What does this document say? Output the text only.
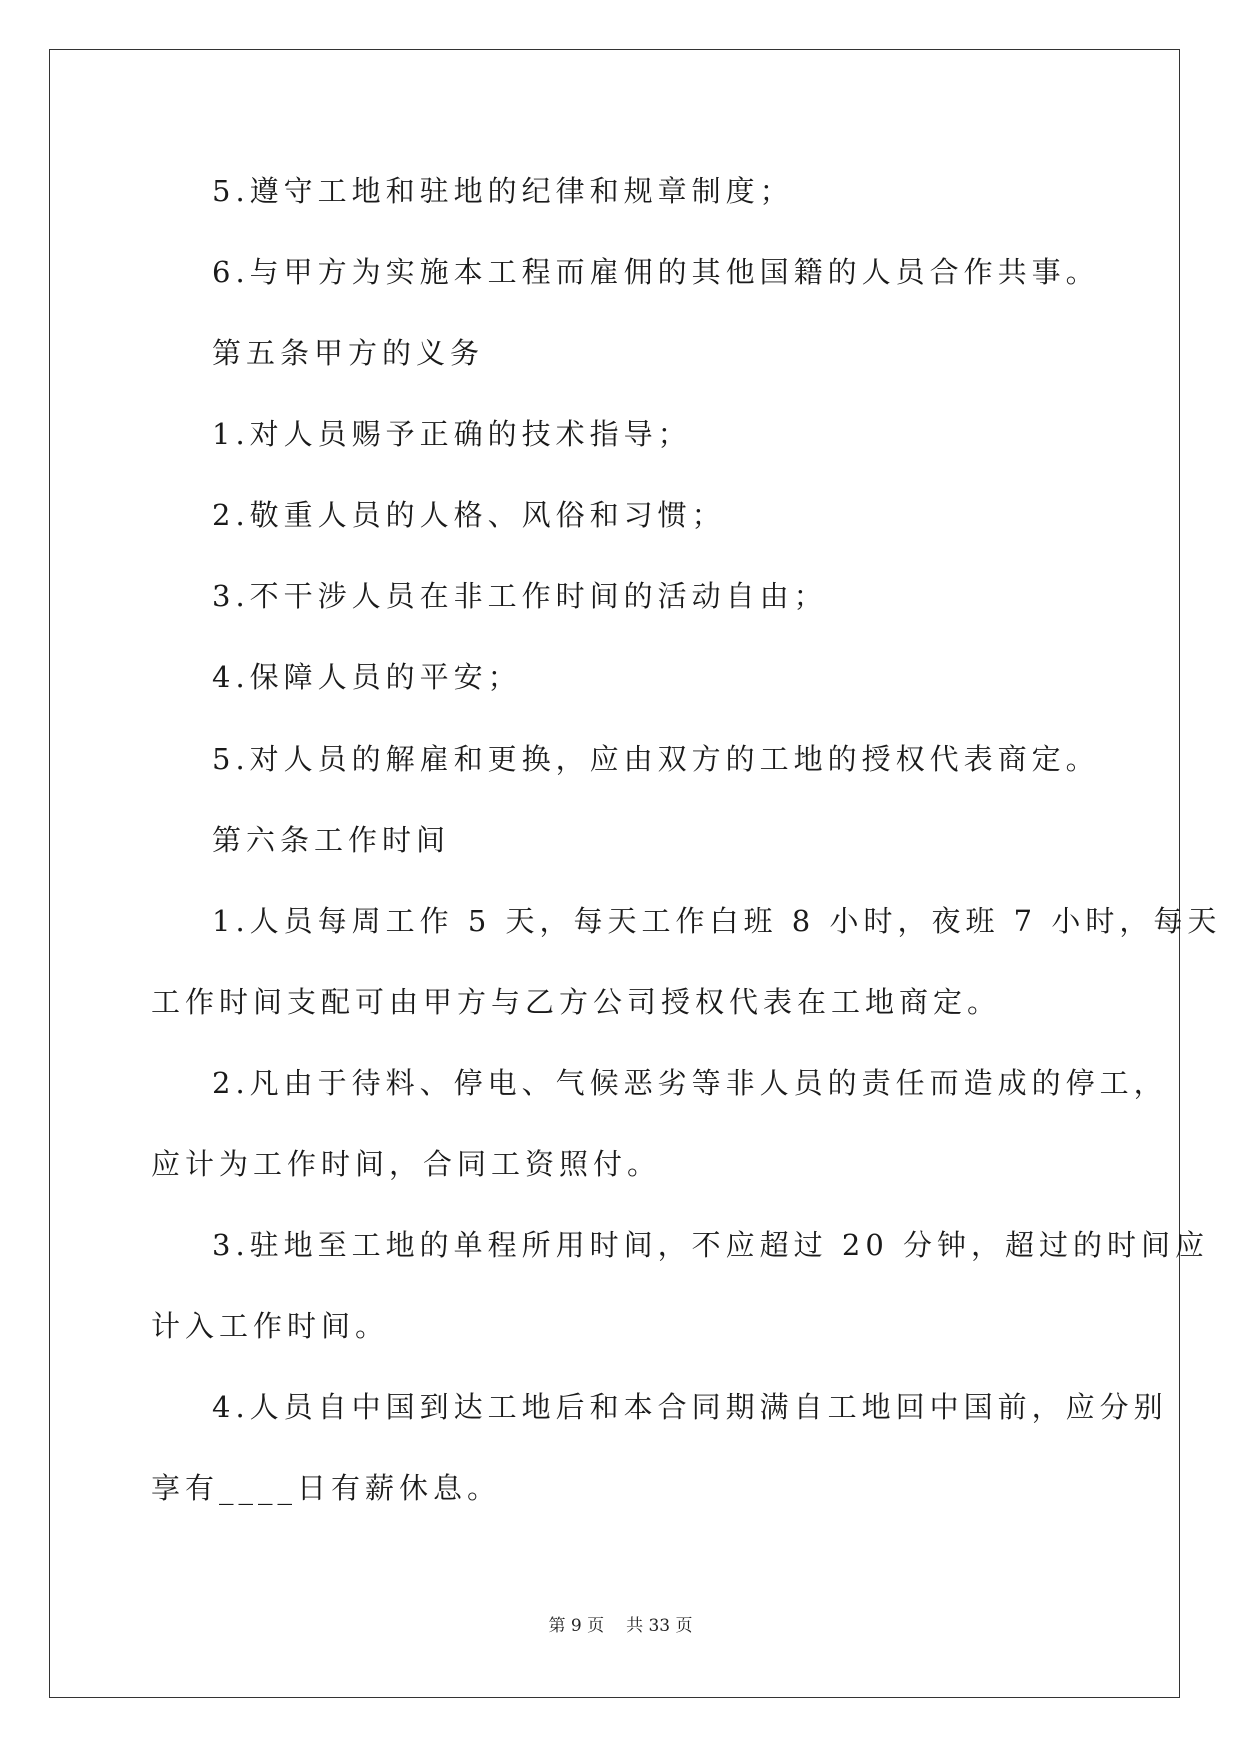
5.遵守工地和驻地的纪律和规章制度；
6.与甲方为实施本工程而雇佣的其他国籍的人员合作共事。
第五条甲方的义务
1.对人员赐予正确的技术指导；
2.敬重人员的人格、风俗和习惯；
3.不干涉人员在非工作时间的活动自由；
4.保障人员的平安；
5.对人员的解雇和更换，应由双方的工地的授权代表商定。
第六条工作时间
1.人员每周工作 5 天，每天工作白班 8 小时，夜班 7 小时，每天
工作时间支配可由甲方与乙方公司授权代表在工地商定。
2.凡由于待料、停电、气候恶劣等非人员的责任而造成的停工，
应计为工作时间，合同工资照付。
3.驻地至工地的单程所用时间，不应超过 20 分钟，超过的时间应
计入工作时间。
4.人员自中国到达工地后和本合同期满自工地回中国前，应分别
享有____日有薪休息。
第 9 页 共 33 页
